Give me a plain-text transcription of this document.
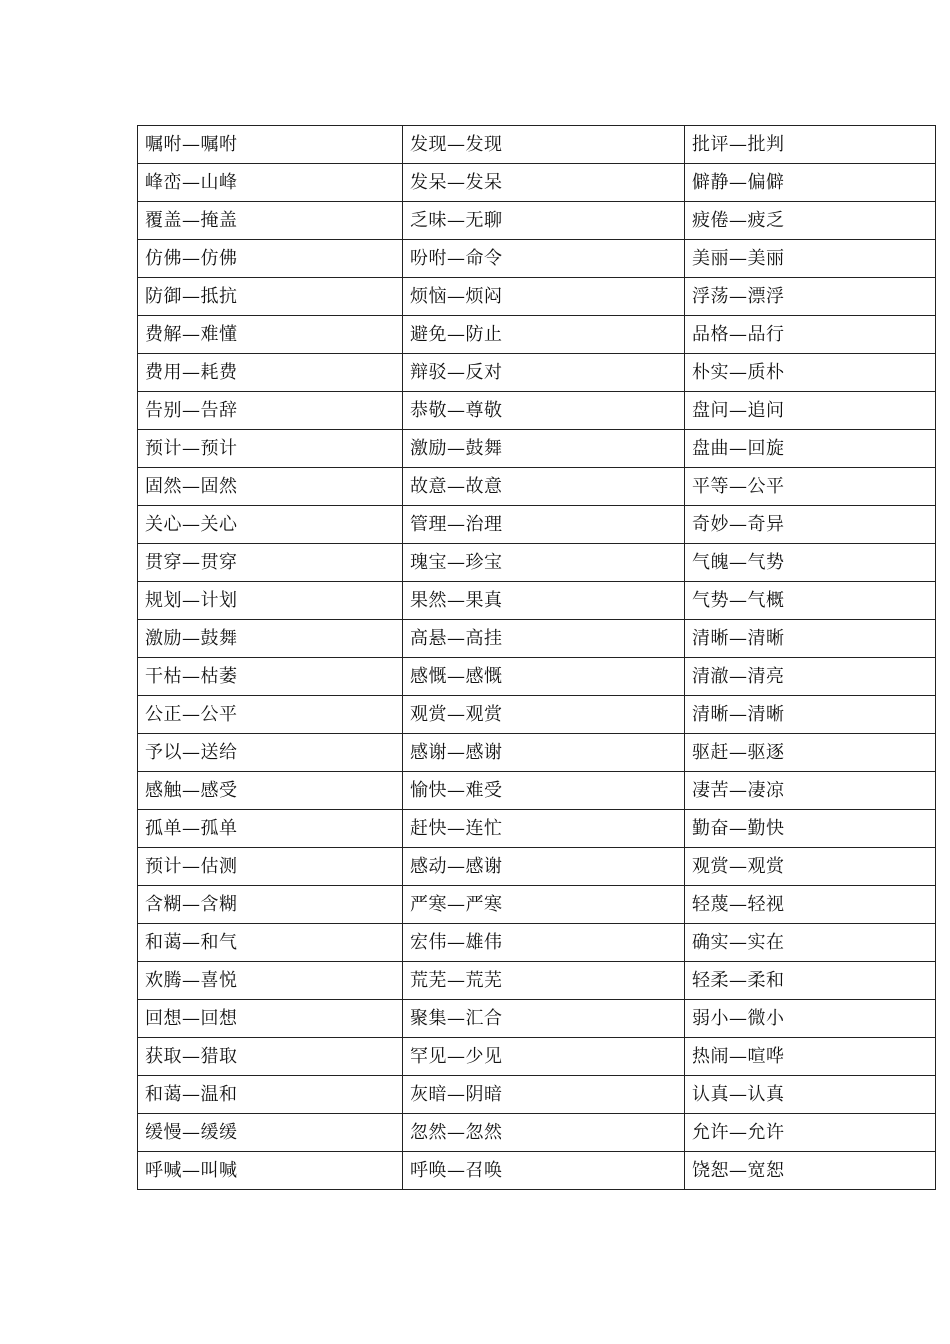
嘱咐—嘱咐	发现—发现	批评—批判
峰峦—山峰	发呆—发呆	僻静—偏僻
覆盖—掩盖	乏味—无聊	疲倦—疲乏
仿佛—仿佛	吩咐—命令	美丽—美丽
防御—抵抗	烦恼—烦闷	浮荡—漂浮
费解—难懂	避免—防止	品格—品行
费用—耗费	辩驳—反对	朴实—质朴
告别—告辞	恭敬—尊敬	盘问—追问
预计—预计	激励—鼓舞	盘曲—回旋
固然—固然	故意—故意	平等—公平
关心—关心	管理—治理	奇妙—奇异
贯穿—贯穿	瑰宝—珍宝	气魄—气势
规划—计划	果然—果真	气势—气概
激励—鼓舞	高悬—高挂	清晰—清晰
干枯—枯萎	感慨—感慨	清澈—清亮
公正—公平	观赏—观赏	清晰—清晰
予以—送给	感谢—感谢	驱赶—驱逐
感触—感受	愉快—难受	凄苦—凄凉
孤单—孤单	赶快—连忙	勤奋—勤快
预计—估测	感动—感谢	观赏—观赏
含糊—含糊	严寒—严寒	轻蔑—轻视
和蔼—和气	宏伟—雄伟	确实—实在
欢腾—喜悦	荒芜—荒芜	轻柔—柔和
回想—回想	聚集—汇合	弱小—微小
获取—猎取	罕见—少见	热闹—喧哗
和蔼—温和	灰暗—阴暗	认真—认真
缓慢—缓缓	忽然—忽然	允许—允许
呼喊—叫喊	呼唤—召唤	饶恕—宽恕
